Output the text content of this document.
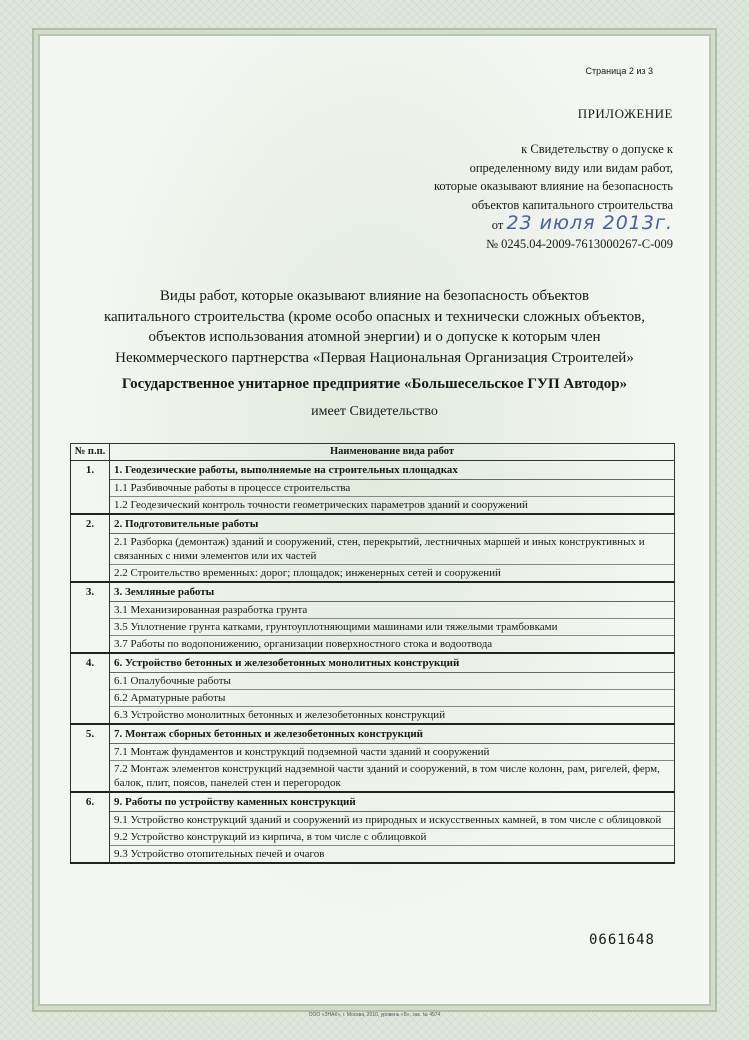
Страница 2 из 3
ПРИЛОЖЕНИЕ
к Свидетельству о допуске к
определенному виду или видам работ,
которые оказывают влияние на безопасность
объектов капитального строительства
от 23 июля 2013г.
№ 0245.04-2009-7613000267-С-009
Виды работ, которые оказывают влияние на безопасность объектов
капитального строительства (кроме особо опасных и технически сложных объектов,
объектов использования атомной энергии) и о допуске к которым член
Некоммерческого партнерства «Первая Национальная Организация Строителей»
Государственное унитарное предприятие «Большесельское ГУП Автодор»
имеет Свидетельство
№ п.п.	Наименование вида работ
1.	1. Геодезические работы, выполняемые на строительных площадках
1.1 Разбивочные работы в процессе строительства
1.2 Геодезический контроль точности геометрических параметров зданий и сооружений

2.	2. Подготовительные работы
2.1 Разборка (демонтаж) зданий и сооружений, стен, перекрытий, лестничных маршей и иных конструктивных и связанных с ними элементов или их частей
2.2 Строительство временных: дорог; площадок; инженерных сетей и сооружений

3.	3. Земляные работы
3.1 Механизированная разработка грунта
3.5 Уплотнение грунта катками, грунтоуплотняющими машинами или тяжелыми трамбовками
3.7 Работы по водопонижению, организации поверхностного стока и водоотвода

4.	6. Устройство бетонных и железобетонных монолитных конструкций
6.1 Опалубочные работы
6.2 Арматурные работы
6.3 Устройство монолитных бетонных и железобетонных конструкций

5.	7. Монтаж сборных бетонных и железобетонных конструкций
7.1 Монтаж фундаментов и конструкций подземной части зданий и сооружений
7.2 Монтаж элементов конструкций надземной части зданий и сооружений, в том числе колонн, рам, ригелей, ферм, балок, плит, поясов, панелей стен и перегородок

6.	9. Работы по устройству каменных конструкций
9.1 Устройство конструкций зданий и сооружений из природных и искусственных камней, в том числе с облицовкой
9.2 Устройство конструкций из кирпича, в том числе с облицовкой
9.3 Устройство отопительных печей и очагов
0661648
ООО «ЗНАК», г. Москва, 2010, уровень «Б», зак. № 4574
